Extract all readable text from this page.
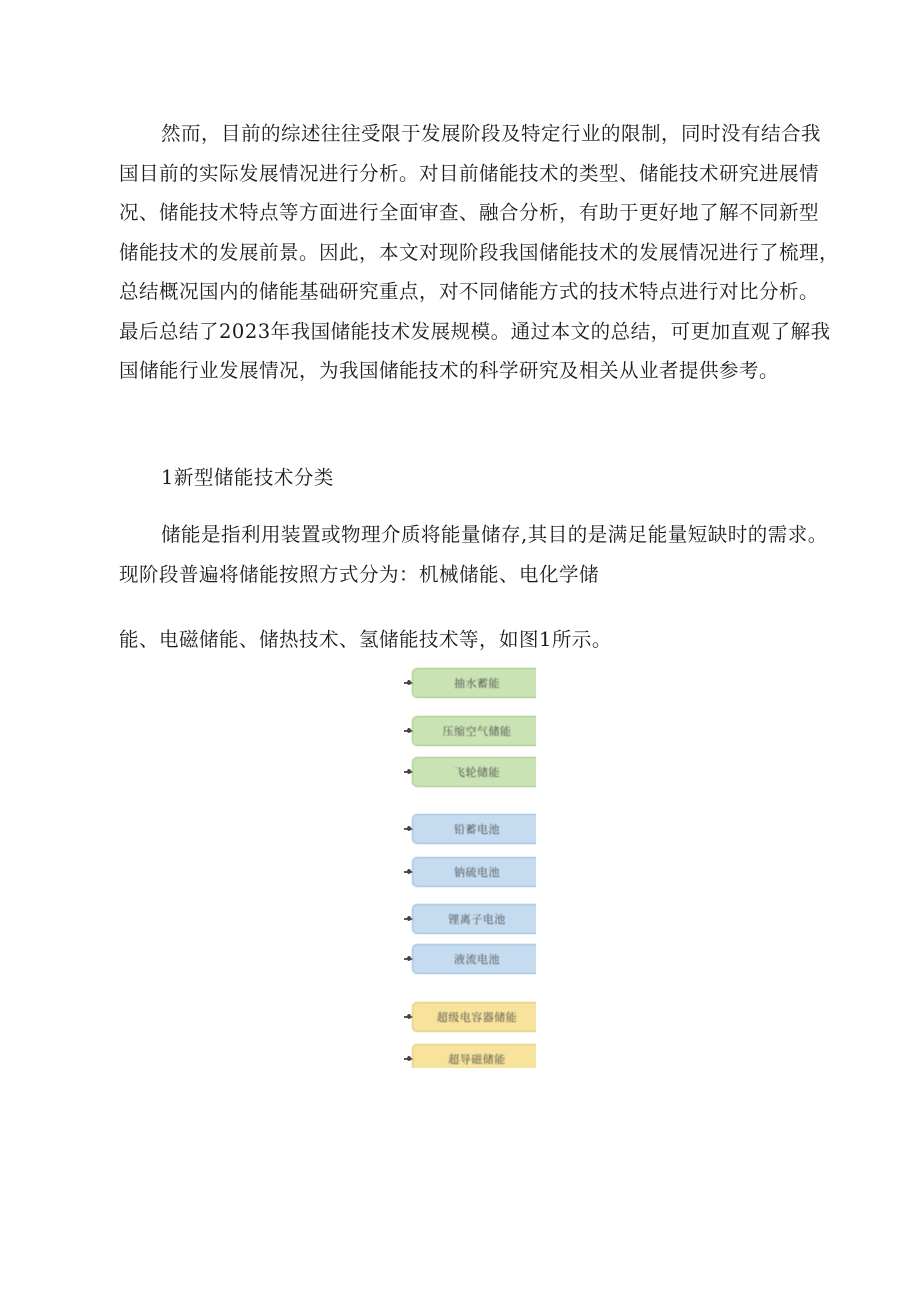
然而，目前的综述往往受限于发展阶段及特定行业的限制，同时没有结合我
国目前的实际发展情况进行分析。对目前储能技术的类型、储能技术研究进展情
况、储能技术特点等方面进行全面审查、融合分析，有助于更好地了解不同新型
储能技术的发展前景。因此，本文对现阶段我国储能技术的发展情况进行了梳理，
总结概况国内的储能基础研究重点，对不同储能方式的技术特点进行对比分析。
最后总结了2023年我国储能技术发展规模。通过本文的总结，可更加直观了解我
国储能行业发展情况，为我国储能技术的科学研究及相关从业者提供参考。
1新型储能技术分类
储能是指利用装置或物理介质将能量储存,其目的是满足能量短缺时的需求。
现阶段普遍将储能按照方式分为：机械储能、电化学储
能、电磁储能、储热技术、氢储能技术等，如图1所示。
抽水蓄能
压缩空气储能
飞轮储能
铅蓄电池
钠硫电池
锂离子电池
液流电池
超级电容器储能
超导磁储能
